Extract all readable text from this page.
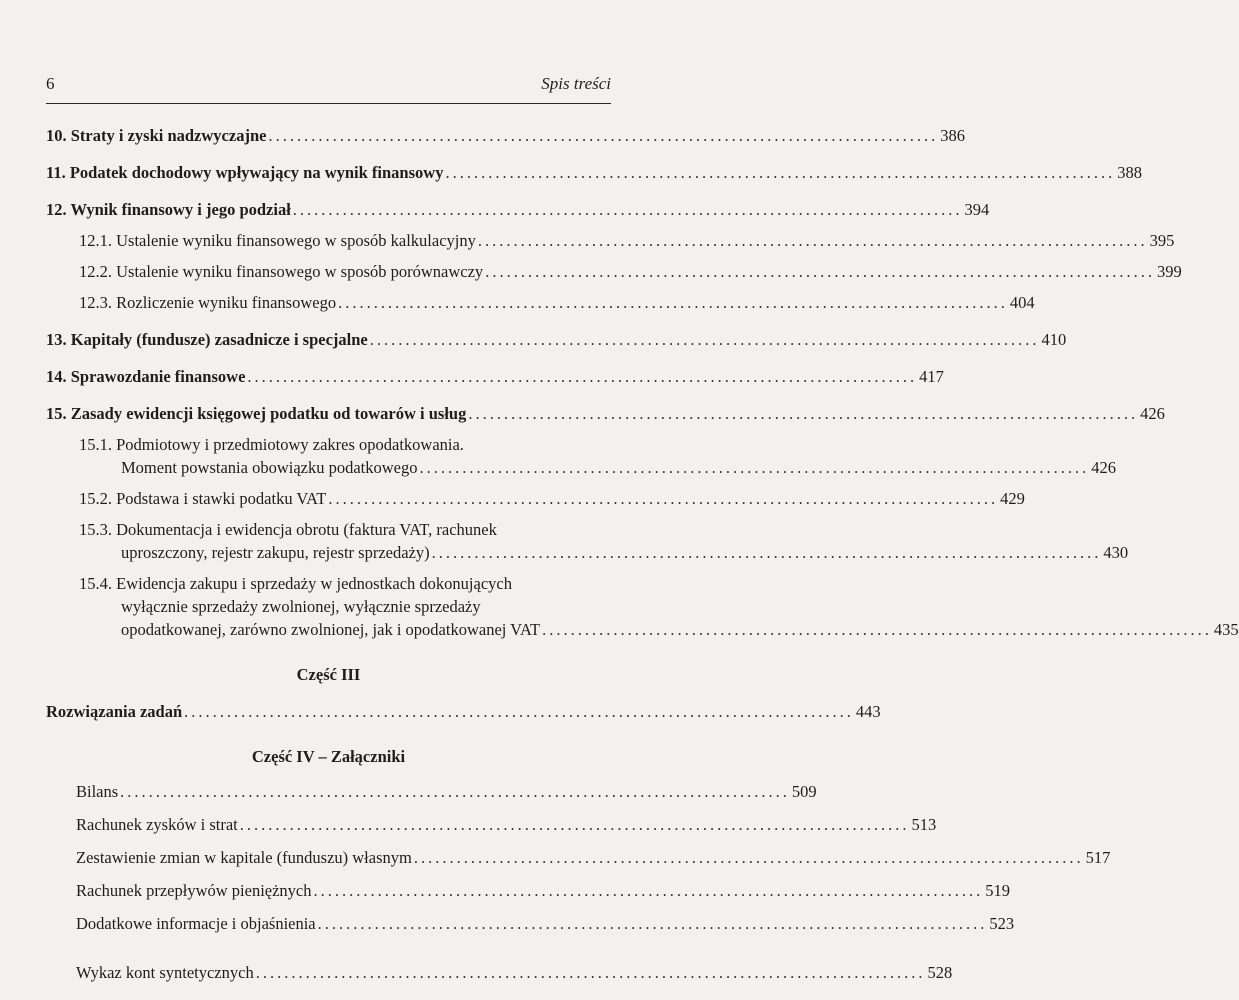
6	Spis treści
10. Straty i zyski nadzwyczajne .............................................................................................. 386
11. Podatek dochodowy wpływający na wynik finansowy .............................................................................................. 388
12. Wynik finansowy i jego podział .............................................................................................. 394
12.1. Ustalenie wyniku finansowego w sposób kalkulacyjny .............................................................................................. 395
12.2. Ustalenie wyniku finansowego w sposób porównawczy .............................................................................................. 399
12.3. Rozliczenie wyniku finansowego .............................................................................................. 404
13. Kapitały (fundusze) zasadnicze i specjalne .............................................................................................. 410
14. Sprawozdanie finansowe .............................................................................................. 417
15. Zasady ewidencji księgowej podatku od towarów i usług .............................................................................................. 426
15.1. Podmiotowy i przedmiotowy zakres opodatkowania.
Moment powstania obowiązku podatkowego .............................................................................................. 426
15.2. Podstawa i stawki podatku VAT .............................................................................................. 429
15.3. Dokumentacja i ewidencja obrotu (faktura VAT, rachunek
uproszczony, rejestr zakupu, rejestr sprzedaży) .............................................................................................. 430
15.4. Ewidencja zakupu i sprzedaży w jednostkach dokonujących
wyłącznie sprzedaży zwolnionej, wyłącznie sprzedaży
opodatkowanej, zarówno zwolnionej, jak i opodatkowanej VAT .............................................................................................. 435
Część III
Rozwiązania zadań .............................................................................................. 443
Część IV – Załączniki
Bilans .............................................................................................. 509
Rachunek zysków i strat .............................................................................................. 513
Zestawienie zmian w kapitale (funduszu) własnym .............................................................................................. 517
Rachunek przepływów pieniężnych .............................................................................................. 519
Dodatkowe informacje i objaśnienia .............................................................................................. 523
Wykaz kont syntetycznych .............................................................................................. 528
